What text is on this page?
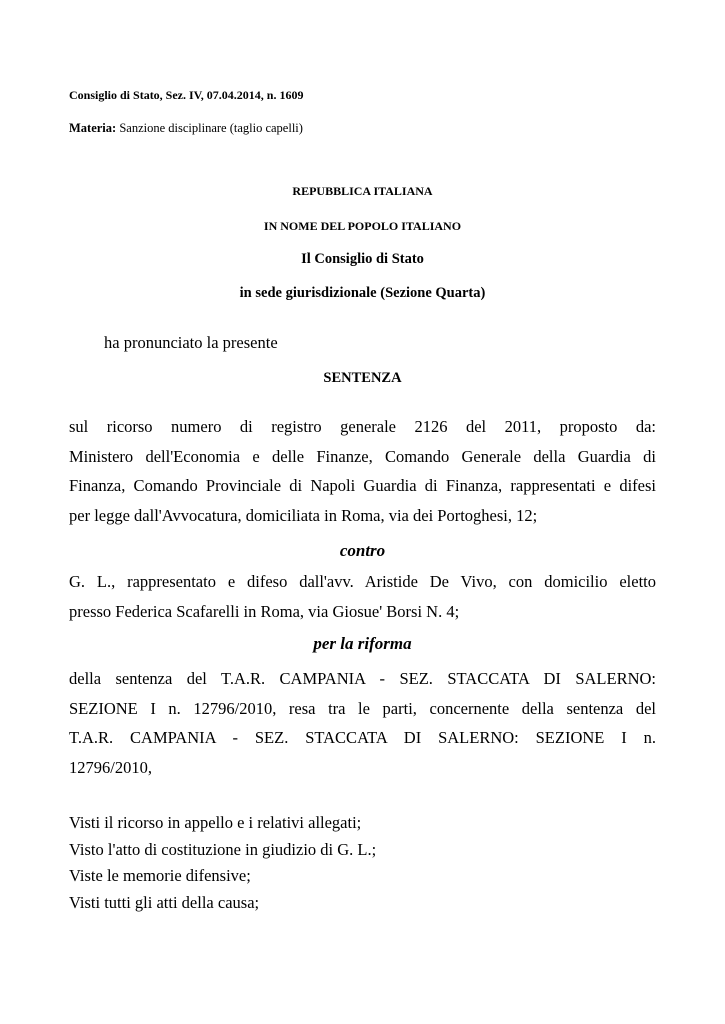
Consiglio di Stato, Sez. IV, 07.04.2014, n. 1609
Materia: Sanzione disciplinare (taglio capelli)
REPUBBLICA ITALIANA
IN NOME DEL POPOLO ITALIANO
Il Consiglio di Stato
in sede giurisdizionale (Sezione Quarta)
ha pronunciato la presente
SENTENZA
sul ricorso numero di registro generale 2126 del 2011, proposto da:
Ministero dell'Economia e delle Finanze, Comando Generale della Guardia di
Finanza, Comando Provinciale di Napoli Guardia di Finanza, rappresentati e difesi
per legge dall'Avvocatura, domiciliata in Roma, via dei Portoghesi, 12;
contro
G. L., rappresentato e difeso dall'avv. Aristide De Vivo, con domicilio eletto
presso Federica Scafarelli in Roma, via Giosue' Borsi N. 4;
per la riforma
della sentenza del T.A.R. CAMPANIA - SEZ. STACCATA DI SALERNO:
SEZIONE I n. 12796/2010, resa tra le parti, concernente della sentenza del
T.A.R. CAMPANIA - SEZ. STACCATA DI SALERNO: SEZIONE I n.
12796/2010,
Visti il ricorso in appello e i relativi allegati;
Visto l'atto di costituzione in giudizio di G. L.;
Viste le memorie difensive;
Visti tutti gli atti della causa;
